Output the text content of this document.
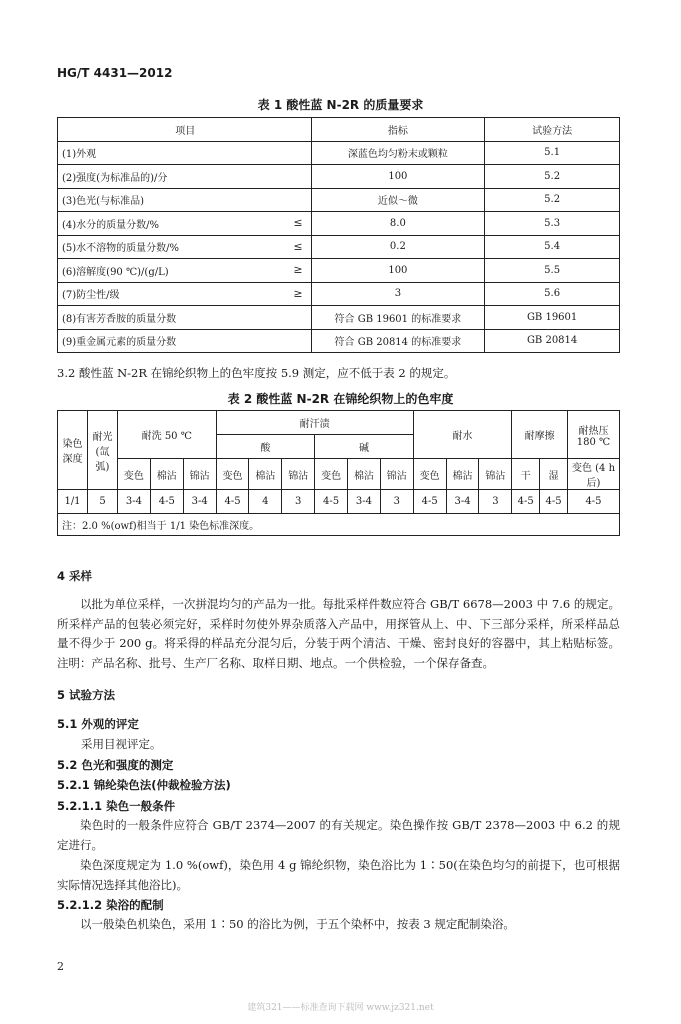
HG/T 4431—2012
表 1 酸性蓝 N-2R 的质量要求
项目	指标	试验方法
(1)外观	深蓝色均匀粉末或颗粒	5.1
(2)强度(为标准品的)/分	100	5.2
(3)色光(与标准品)	近似～微	5.2
(4)水分的质量分数/% ≤	8.0	5.3
(5)水不溶物的质量分数/% ≤	0.2	5.4
(6)溶解度(90 ℃)/(g/L) ≥	100	5.5
(7)防尘性/级 ≥	3	5.6
(8)有害芳香胺的质量分数	符合 GB 19601 的标准要求	GB 19601
(9)重金属元素的质量分数	符合 GB 20814 的标准要求	GB 20814
3.2 酸性蓝 N-2R 在锦纶织物上的色牢度按 5.9 测定，应不低于表 2 的规定。
表 2 酸性蓝 N-2R 在锦纶织物上的色牢度
染色深度	耐光(氙弧)	耐洗 50 ℃			耐汗渍						耐水			耐摩擦		耐热压 180 ℃
					酸			碱								
		变色	棉沾	锦沾	变色	棉沾	锦沾	变色	棉沾	锦沾	变色	棉沾	锦沾	干	湿	变色 (4 h 后)
1/1	5	3-4	4-5	3-4	4-5	4	3	4-5	3-4	3	4-5	3-4	3	4-5	4-5	4-5
注：2.0 %(owf)相当于 1/1 染色标准深度。																
4 采样
以批为单位采样，一次拼混均匀的产品为一批。每批采样件数应符合 GB/T 6678—2003 中 7.6 的规定。所采样产品的包装必须完好，采样时勿使外界杂质落入产品中，用探管从上、中、下三部分采样，所采样品总量不得少于 200 g。将采得的样品充分混匀后，分装于两个清洁、干燥、密封良好的容器中，其上粘贴标签。注明：产品名称、批号、生产厂名称、取样日期、地点。一个供检验，一个保存备查。
5 试验方法
5.1 外观的评定
采用目视评定。
5.2 色光和强度的测定
5.2.1 锦纶染色法(仲裁检验方法)
5.2.1.1 染色一般条件
染色时的一般条件应符合 GB/T 2374—2007 的有关规定。染色操作按 GB/T 2378—2003 中 6.2 的规定进行。
染色深度规定为 1.0 %(owf)，染色用 4 g 锦纶织物，染色浴比为 1∶50(在染色均匀的前提下，也可根据实际情况选择其他浴比)。
5.2.1.2 染浴的配制
以一般染色机染色，采用 1∶50 的浴比为例，于五个染杯中，按表 3 规定配制染浴。
2
建筑321——标准查询下载网 www.jz321.net
